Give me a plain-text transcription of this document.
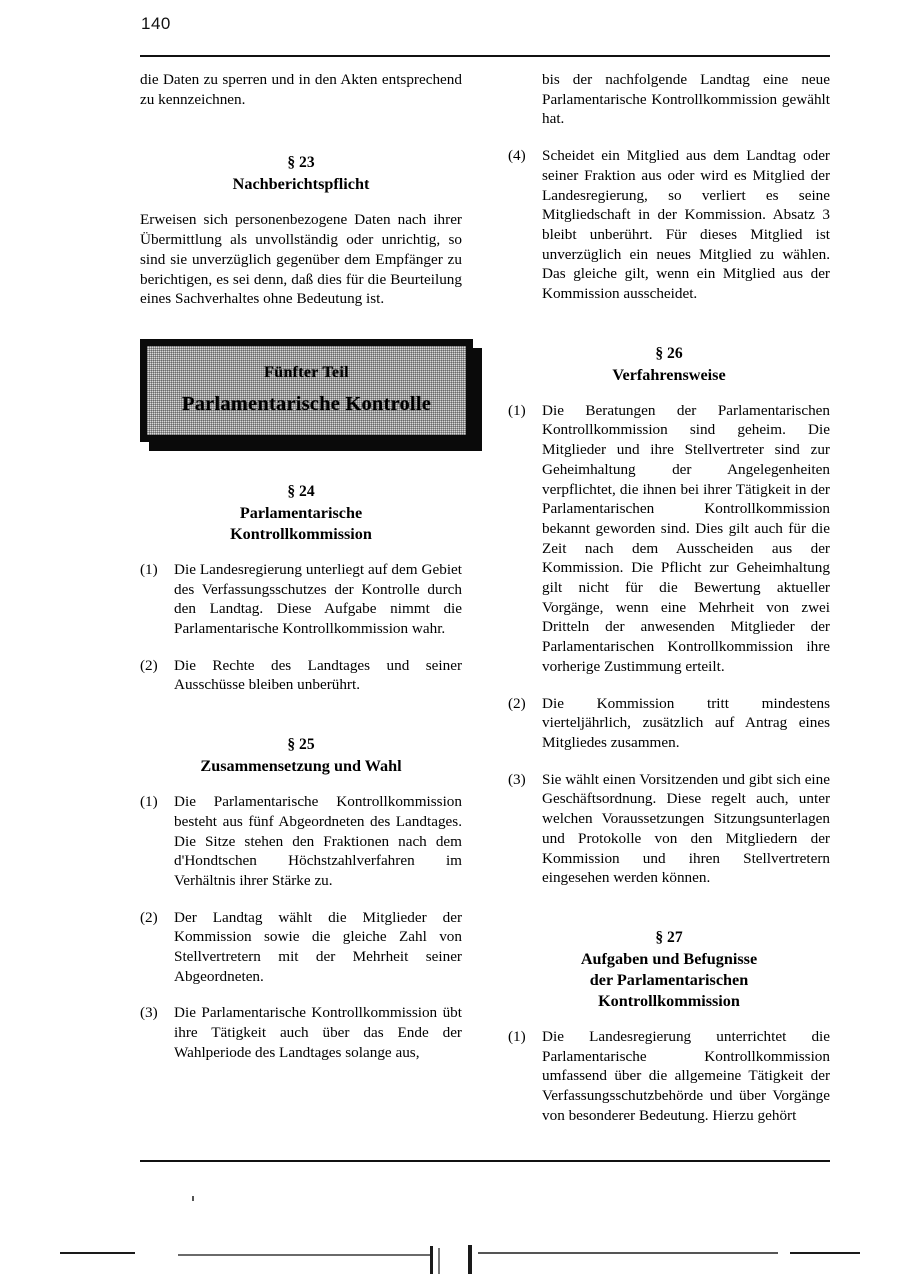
140

die Daten zu sperren und in den Akten entsprechend zu kennzeichnen.

§ 23
Nachberichtspflicht

Erweisen sich personenbezogene Daten nach ihrer Übermittlung als unvollständig oder unrichtig, so sind sie unverzüglich gegenüber dem Empfänger zu berichtigen, es sei denn, daß dies für die Beurteilung eines Sachverhaltes ohne Bedeutung ist.

Fünfter Teil
Parlamentarische Kontrolle
§ 24
Parlamentarische
Kontrollkommission
(1)	Die Landesregierung unterliegt auf dem Gebiet des Verfassungsschutzes der Kontrolle durch den Landtag. Diese Aufgabe nimmt die Parlamentarische Kontrollkommission wahr.
(2)	Die Rechte des Landtages und seiner Ausschüsse bleiben unberührt.
§ 25
Zusammensetzung und Wahl
(1)	Die Parlamentarische Kontrollkommission besteht aus fünf Abgeordneten des Landtages. Die Sitze stehen den Fraktionen nach dem d'Hondtschen Höchstzahlverfahren im Verhältnis ihrer Stärke zu.
(2)	Der Landtag wählt die Mitglieder der Kommission sowie die gleiche Zahl von Stellvertretern mit der Mehrheit seiner Abgeordneten.
(3)	Die Parlamentarische Kontrollkommission übt ihre Tätigkeit auch über das Ende der Wahlperiode des Landtages solange aus,
bis der nachfolgende Landtag eine neue Parlamentarische Kontrollkommission gewählt hat.
(4)	Scheidet ein Mitglied aus dem Landtag oder seiner Fraktion aus oder wird es Mitglied der Landesregierung, so verliert es seine Mitgliedschaft in der Kommission. Absatz 3 bleibt unberührt. Für dieses Mitglied ist unverzüglich ein neues Mitglied zu wählen. Das gleiche gilt, wenn ein Mitglied aus der Kommission ausscheidet.
§ 26
Verfahrensweise
(1)	Die Beratungen der Parlamentarischen Kontrollkommission sind geheim. Die Mitglieder und ihre Stellvertreter sind zur Geheimhaltung der Angelegenheiten verpflichtet, die ihnen bei ihrer Tätigkeit in der Parlamentarischen Kontrollkommission bekannt geworden sind. Dies gilt auch für die Zeit nach dem Ausscheiden aus der Kommission. Die Pflicht zur Geheimhaltung gilt nicht für die Bewertung aktueller Vorgänge, wenn eine Mehrheit von zwei Dritteln der anwesenden Mitglieder der Parlamentarischen Kontrollkommission ihre vorherige Zustimmung erteilt.
(2)	Die Kommission tritt mindestens vierteljährlich, zusätzlich auf Antrag eines Mitgliedes zusammen.
(3)	Sie wählt einen Vorsitzenden und gibt sich eine Geschäftsordnung. Diese regelt auch, unter welchen Voraussetzungen Sitzungsunterlagen und Protokolle von den Mitgliedern der Kommission und ihren Stellvertretern eingesehen werden können.
§ 27
Aufgaben und Befugnisse
der Parlamentarischen
Kontrollkommission
(1)	Die Landesregierung unterrichtet die Parlamentarische Kontrollkommission umfassend über die allgemeine Tätigkeit der Verfassungsschutzbehörde und über Vorgänge von besonderer Bedeutung. Hierzu gehört
